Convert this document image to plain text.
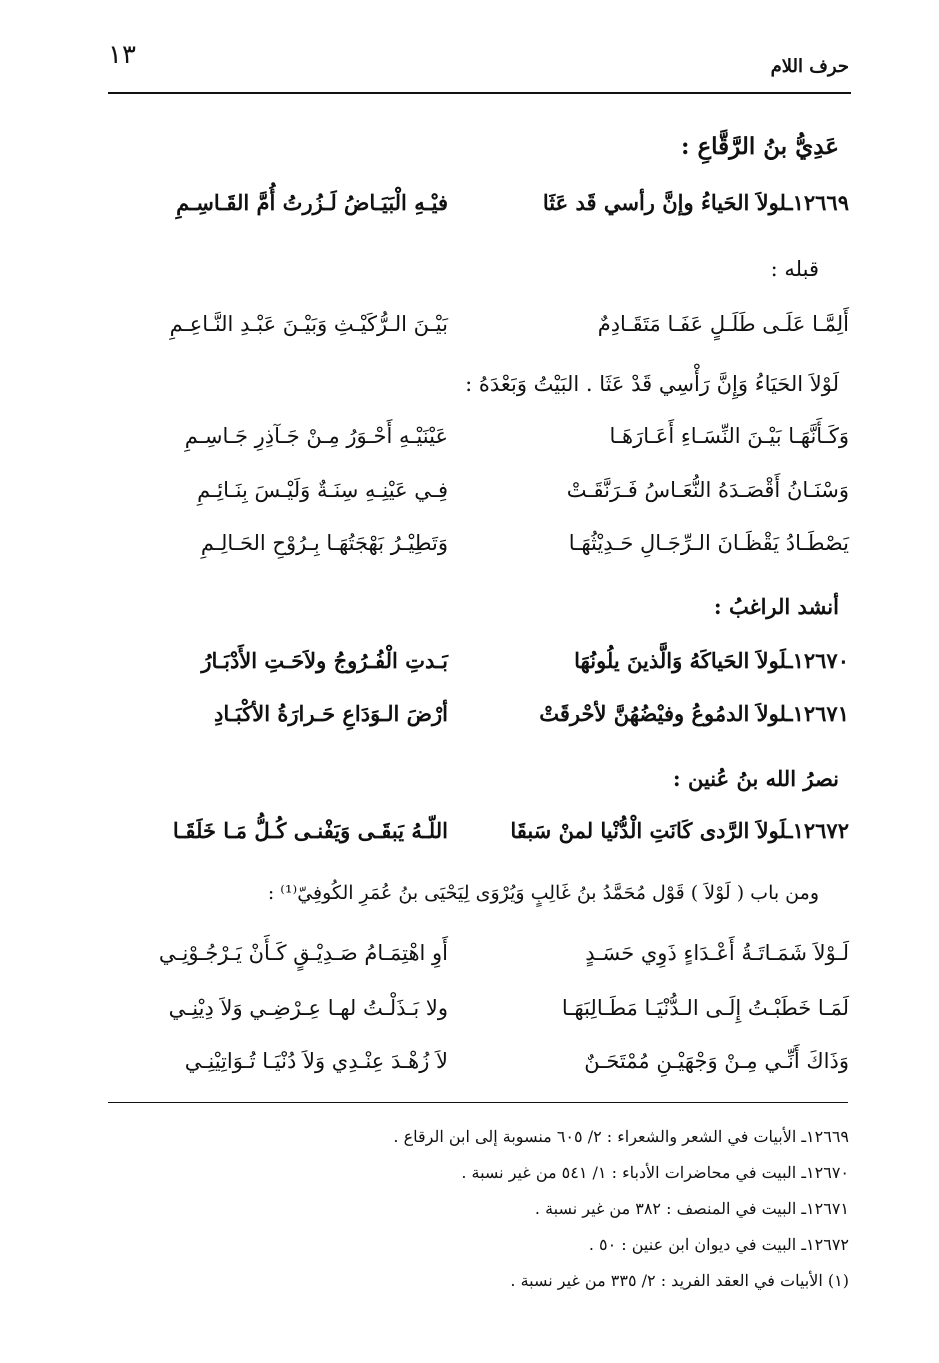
حرف اللام
١٣
عَدِيُّ بنُ الرَّقَّاعِ :
١٢٦٦٩ـلولاَ الحَياءُ وإنَّ رأسي قَد عَثَا
فيْـهِ الْبَيَـاضُ لَـزُرتُ أُمَّ القَـاسِـمِ
قبله :
أَلِمَّـا عَلَـى طَلَـلٍ عَفَـا مَتَقَـادِمٌ
بَيْـنَ الـرُّكَيْـثِ وَبَيْـنَ عَبْـدِ النَّـاعِـمِ
لَوْلاَ الحَيَاءُ وَإِنَّ رَأْسِي قَدْ عَثَا . البَيْتُ وَبَعْدَهُ :
وَكَـأَنَّهَـا بَيْـنَ النِّسَـاءِ أَعَـارَهَـا
عَيْنَيْـهِ أَحْـوَرُ مِـنْ جَـآذِرِ جَـاسِـمِ
وَسْنَـانُ أَقْصَـدَهُ النُّعَـاسُ فَـرَنَّقَـتْ
فِـي عَيْنِـهِ سِنَـةٌ وَلَيْـسَ بِنَـائِـمِ
يَصْطَـادُ يَقْظَـانَ الـرِّجَـالِ حَـدِيْثُهَـا
وَتَطِيْـرُ بَهْجَتُهَـا بِـرُوْحِ الحَـالِـمِ
أنشد الراغبُ :
١٢٦٧٠ـلَولاَ الحَياكَهُ وَالَّذينَ يلُونُهَا
بَـدتِ الْفُـرُوجُ ولاَحَـتِ الأَدْبَـارُ
١٢٦٧١ـلولاَ الدمُوعُ وفيْضُهُنَّ لأحْرقَتْ
أرْضَ الـوَدَاعِ حَـرارَةُ الأكْبَـادِ
نصرُ الله بنُ عُنين :
١٢٦٧٢ـلَولاَ الرَّدى كَانَتِ الْدُّنْيا لمنْ سَبقَا
اللّـهُ يَبقَـى وَيَفْنـى كُـلُّ مَـا خَلَقَـا
ومن باب ( لَوْلاَ ) قَوْل مُحَمَّدُ بنُ غَالِبٍ وَيُرْوَى لِيَحْيَى بنُ عُمَرِ الكُوفِيّ⁽¹⁾ :
لَـوْلاَ شَمَـاتَـةُ أَعْـدَاءٍ ذَوِي حَسَـدٍ
أَوِ اهْتِمَـامُ صَـدِيْـقٍ كَـأَنْ يَـرْجُـوْنِـي
لَمَـا خَطَبْـتُ إِلَـى الـدُّنْيَـا مَطَـالِبَهَـا
ولا بَـذَلْـتُ لهـا عِـرْضِـي وَلاَ دِيْنِـي
وَذَاكَ أَنِّـي مِـنْ وَجْهَيْـنِ مُمْتَحَـنٌ
لاَ زُهْـدَ عِنْـدِي وَلاَ دُنْيَـا تُـوَاتِيْنِـي
١٢٦٦٩ـ الأبيات في الشعر والشعراء : ٢/ ٦٠٥ منسوبة إلى ابن الرقاع .
١٢٦٧٠ـ البيت في محاضرات الأدباء : ١/ ٥٤١ من غير نسبة .
١٢٦٧١ـ البيت في المنصف : ٣٨٢ من غير نسبة .
١٢٦٧٢ـ البيت في ديوان ابن عنين : ٥٠ .
(١) الأبيات في العقد الفريد : ٢/ ٣٣٥ من غير نسبة .
